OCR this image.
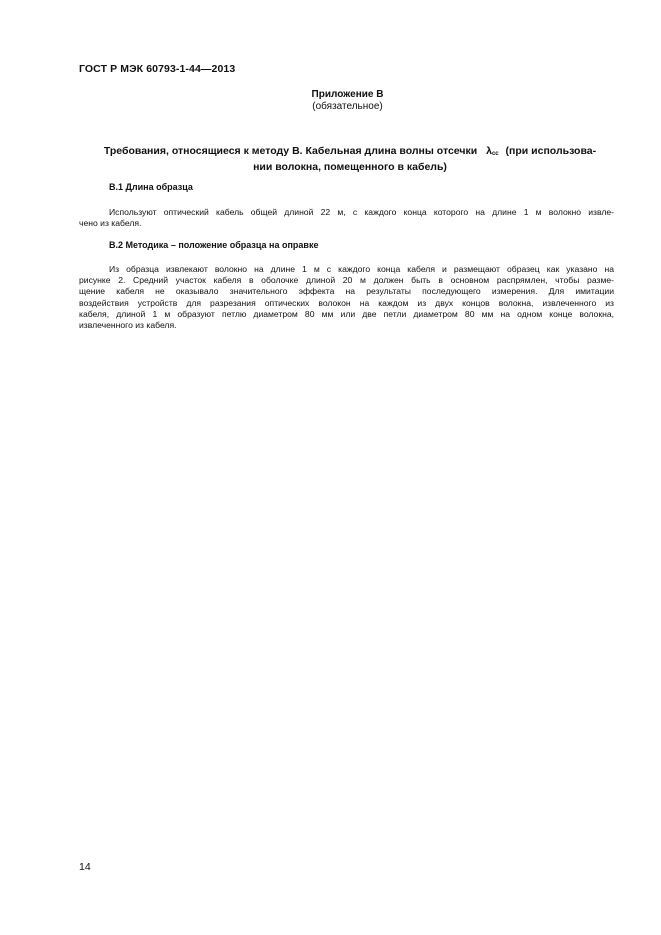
ГОСТ Р МЭК 60793-1-44—2013
Приложение В
(обязательное)
Требования, относящиеся к методу В. Кабельная длина волны отсечки $\lambda_{cc}$ (при использова-
нии волокна, помещенного в кабель)
В.1 Длина образца
Используют оптический кабель общей длиной 22 м, с каждого конца которого на длине 1 м волокно извле-
чено из кабеля.
В.2 Методика – положение образца на оправке
Из образца извлекают волокно на длине 1 м с каждого конца кабеля и размещают образец как указано на
рисунке 2. Средний участок кабеля в оболочке длиной 20 м должен быть в основном распрямлен, чтобы разме-
щение кабеля не оказывало значительного эффекта на результаты последующего измерения. Для имитации
воздействия устройств для разрезания оптических волокон на каждом из двух концов волокна, извлеченного из
кабеля, длиной 1 м образуют петлю диаметром 80 мм или две петли диаметром 80 мм на одном конце волокна,
извлеченного из кабеля.
14
